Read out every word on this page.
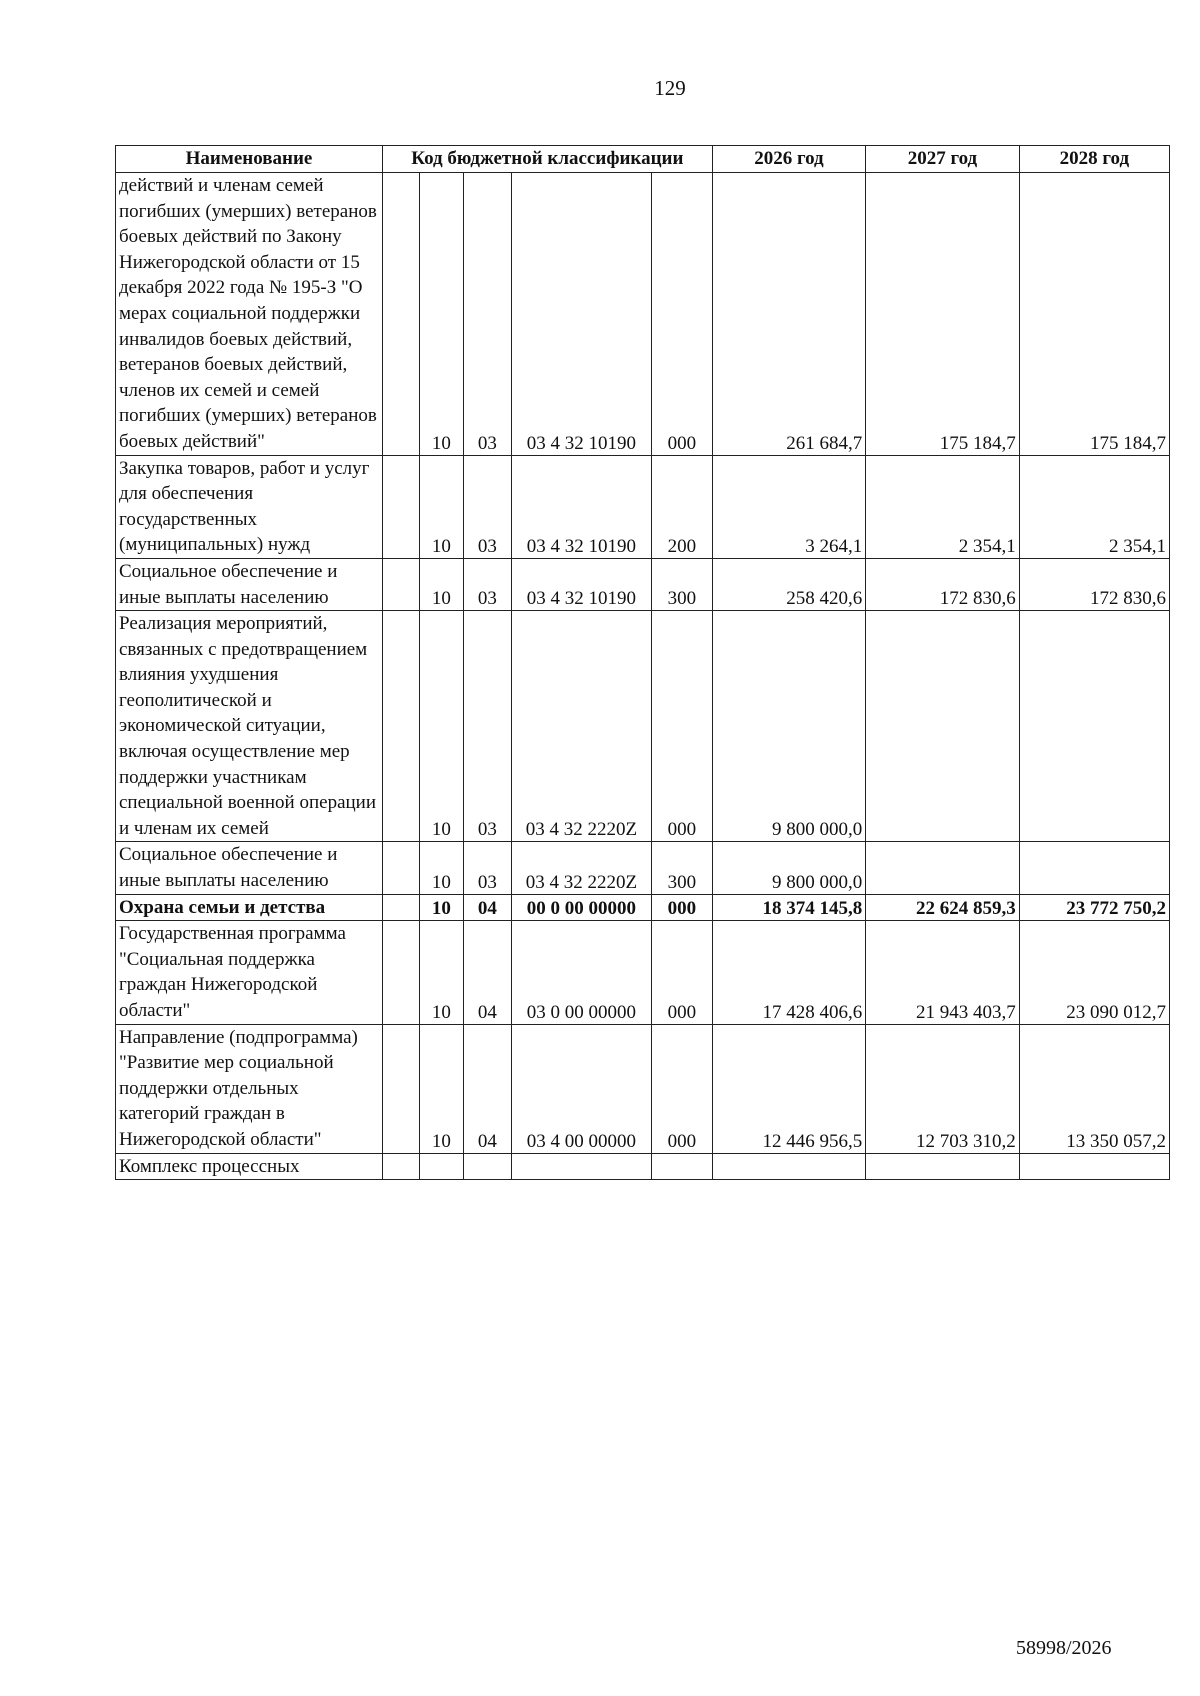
129
Наименование	Код бюджетной классификации					2026 год	2027 год	2028 год
действий и членам семей погибших (умерших) ветеранов боевых действий по Закону Нижегородской области от 15 декабря 2022 года № 195-З "О мерах социальной поддержки инвалидов боевых действий, ветеранов боевых действий, членов их семей и семей погибших (умерших) ветеранов боевых действий"		10	03	03 4 32 10190	000	261 684,7	175 184,7	175 184,7
Закупка товаров, работ и услуг для обеспечения государственных (муниципальных) нужд		10	03	03 4 32 10190	200	3 264,1	2 354,1	2 354,1
Социальное обеспечение и иные выплаты населению		10	03	03 4 32 10190	300	258 420,6	172 830,6	172 830,6
Реализация мероприятий, связанных с предотвращением влияния ухудшения геополитической и экономической ситуации, включая осуществление мер поддержки участникам специальной военной операции и членам их семей		10	03	03 4 32 2220Z	000	9 800 000,0		
Социальное обеспечение и иные выплаты населению		10	03	03 4 32 2220Z	300	9 800 000,0		
Охрана семьи и детства		10	04	00 0 00 00000	000	18 374 145,8	22 624 859,3	23 772 750,2
Государственная программа "Социальная поддержка граждан Нижегородской области"		10	04	03 0 00 00000	000	17 428 406,6	21 943 403,7	23 090 012,7
Направление (подпрограмма) "Развитие мер социальной поддержки отдельных категорий граждан в Нижегородской области"		10	04	03 4 00 00000	000	12 446 956,5	12 703 310,2	13 350 057,2
Комплекс процессных								
58998/2026
